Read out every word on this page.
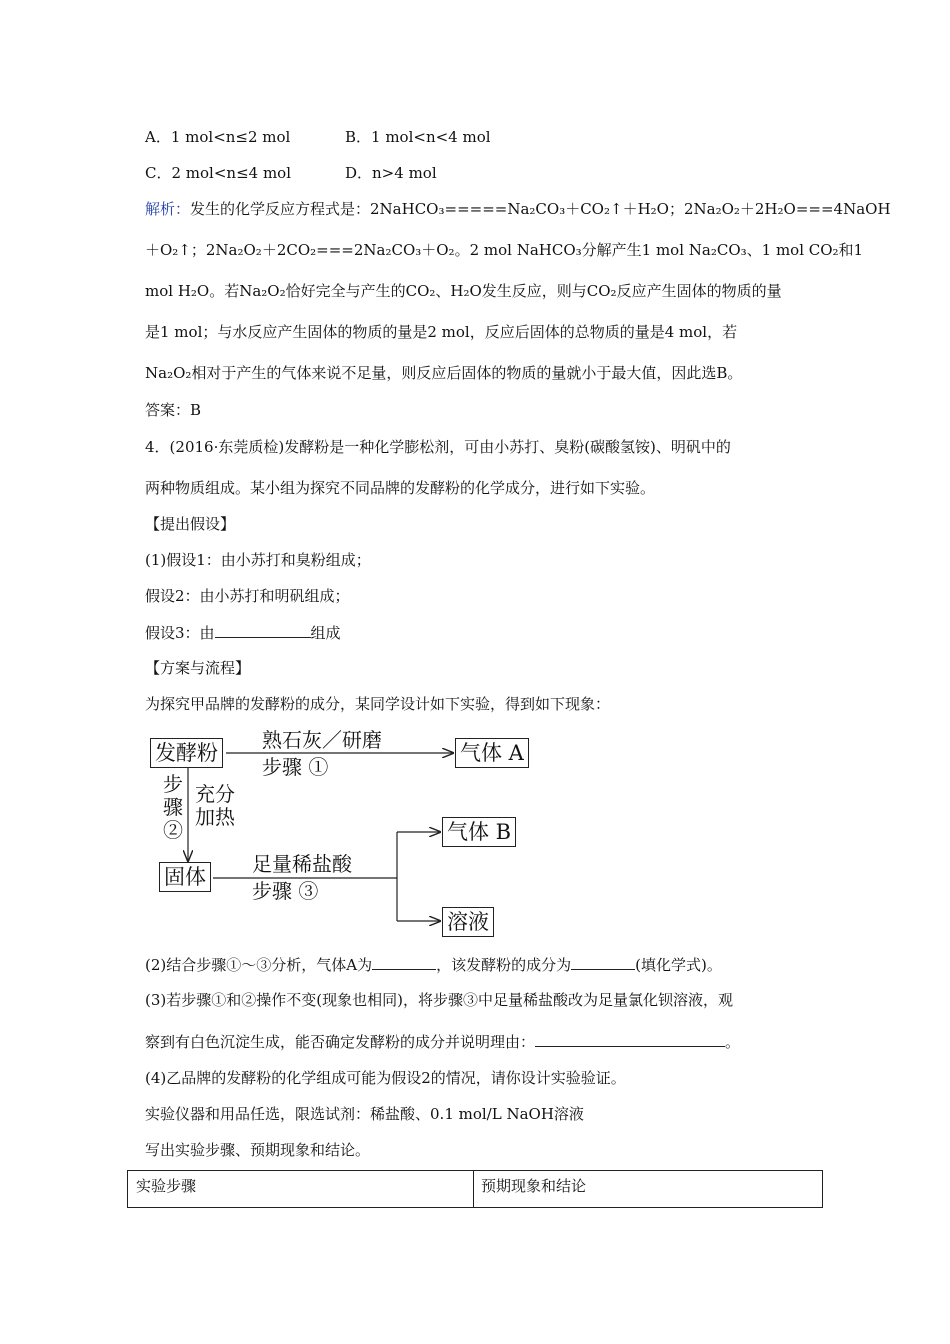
A．1 mol<n≤2 mol	B．1 mol<n<4 mol
C．2 mol<n≤4 mol	D．n>4 mol
解析：发生的化学反应方程式是：2NaHCO₃=====Na₂CO₃＋CO₂↑＋H₂O；2Na₂O₂＋2H₂O===4NaOH
＋O₂↑；2Na₂O₂＋2CO₂===2Na₂CO₃＋O₂。2 mol NaHCO₃分解产生1 mol Na₂CO₃、1 mol CO₂和1
mol H₂O。若Na₂O₂恰好完全与产生的CO₂、H₂O发生反应，则与CO₂反应产生固体的物质的量
是1 mol；与水反应产生固体的物质的量是2 mol，反应后固体的总物质的量是4 mol，若
Na₂O₂相对于产生的气体来说不足量，则反应后固体的物质的量就小于最大值，因此选B。
答案：B
4．(2016·东莞质检)发酵粉是一种化学膨松剂，可由小苏打、臭粉(碳酸氢铵)、明矾中的
两种物质组成。某小组为探究不同品牌的发酵粉的化学成分，进行如下实验。
【提出假设】
(1)假设1：由小苏打和臭粉组成；
假设2：由小苏打和明矾组成；
假设3：由	组成
【方案与流程】
为探究甲品牌的发酵粉的成分，某同学设计如下实验，得到如下现象：
发酵粉
熟石灰／研磨
步骤 ①
气体 A
步骤②
充分加热
固体
足量稀盐酸
步骤 ③
气体 B
溶液
(2)结合步骤①～③分析，气体A为	，该发酵粉的成分为	(填化学式)。
(3)若步骤①和②操作不变(现象也相同)，将步骤③中足量稀盐酸改为足量氯化钡溶液，观
察到有白色沉淀生成，能否确定发酵粉的成分并说明理由：	。
(4)乙品牌的发酵粉的化学组成可能为假设2的情况，请你设计实验验证。
实验仪器和用品任选，限选试剂：稀盐酸、0.1 mol/L NaOH溶液
写出实验步骤、预期现象和结论。
实验步骤	预期现象和结论
